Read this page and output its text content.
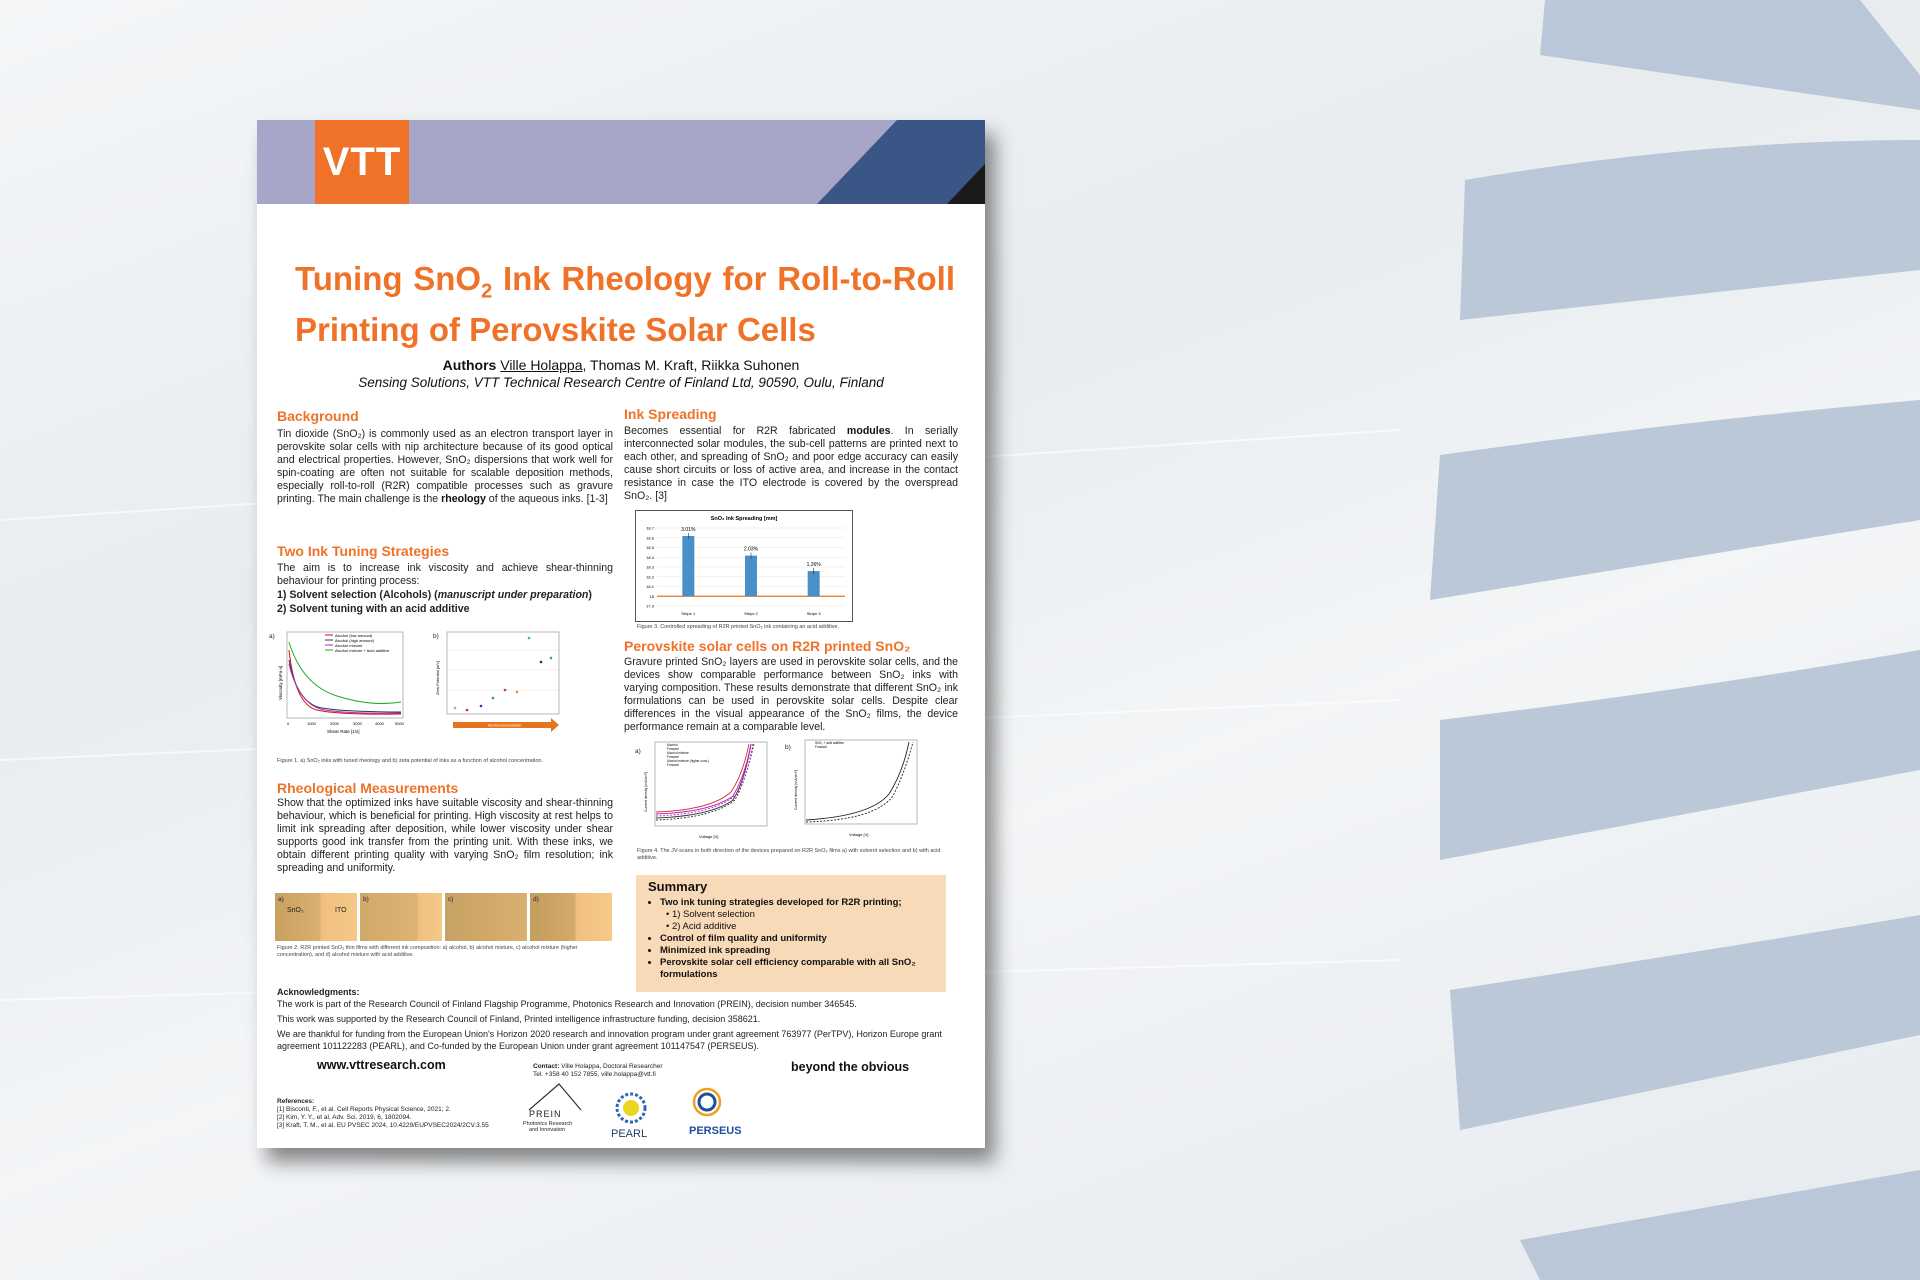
VTT
Tuning SnO$_2$ Ink Rheology for Roll-to-Roll Printing of Perovskite Solar Cells
Authors Ville Holappa, Thomas M. Kraft, Riikka Suhonen
Sensing Solutions, VTT Technical Research Centre of Finland Ltd, 90590, Oulu, Finland
Background
Tin dioxide (SnO₂) is commonly used as an electron transport layer in perovskite solar cells with nip architecture because of its good optical and electrical properties. However, SnO₂ dispersions that work well for spin-coating are often not suitable for scalable deposition methods, especially roll-to-roll (R2R) compatible processes such as gravure printing. The main challenge is the rheology of the aqueous inks. [1-3]
Two Ink Tuning Strategies
The aim is to increase ink viscosity and achieve shear-thinning behaviour for printing process:
1) Solvent selection (Alcohols) (manuscript under preparation)
2) Solvent tuning with an acid additive
a)	Alcohol (low amount)
Alcohol (high amount)
Alcohol mixture
Alcohol mixture + Acid additive
0	1000	2000	3000	4000	5000
Shear Rate [1/s]
Viscosity [mPa·s]
b)
Alcohol concentration
Zeta Potential [mV]
Figure 1. a) SnO₂ inks with tuned rheology and b) zeta potential of inks as a function of alcohol concentration.
Rheological Measurements
Show that the optimized inks have suitable viscosity and shear-thinning behaviour, which is beneficial for printing. High viscosity at rest helps to limit ink spreading after deposition, while lower viscosity under shear supports good ink transfer from the printing unit. With these inks, we obtain different printing quality with varying SnO₂ film resolution; ink spreading and uniformity.
a)
SnO₂	ITO
b)	c)	d)
Figure 2. R2R printed SnO₂ thin films with different ink composition: a) alcohol, b) alcohol mixture, c) alcohol mixture (higher concentration), and d) alcohol mixture with acid additive.
Ink Spreading
Becomes essential for R2R fabricated modules. In serially interconnected solar modules, the sub-cell patterns are printed next to each other, and spreading of SnO₂ and poor edge accuracy can easily cause short circuits or loss of active area, and increase in the contact resistance in case the ITO electrode is covered by the overspread SnO₂. [3]
SnO₂ Ink Spreading [mm]
18.7
18.6
18.5
18.4
18.3
18.2
18.1
18
17.9
3.01%
Stripe 1
2.03%
Stripe 2
1.26%
Stripe 3
Figure 3. Controlled spreading of R2R printed SnO₂ ink containing an acid additive.
Perovskite solar cells on R2R printed SnO₂
Gravure printed SnO₂ layers are used in perovskite solar cells, and the devices show comparable performance between SnO₂ inks with varying composition. These results demonstrate that different SnO₂ ink formulations can be used in perovskite solar cells. Despite clear differences in the visual appearance of the SnO₂ films, the device performance remain at a comparable level.
a)
Alcohol
Forward
Alcohol mixture
Forward
Alcohol mixture (higher conc.)
Forward
Voltage [V]
Current density [mA/cm²]
b)
SnO₂ + acid additive
Forward
Voltage [V]
Current density [mA/cm²]
Figure 4. The JV-scans in both direction of the devices prepared on R2R SnO₂ films a) with solvent selection and b) with acid additive.
Summary
• Two ink tuning strategies developed for R2R printing;
• 1) Solvent selection
• 2) Acid additive
• Control of film quality and uniformity
• Minimized ink spreading
• Perovskite solar cell efficiency comparable with all SnO₂ formulations
Acknowledgments:
The work is part of the Research Council of Finland Flagship Programme, Photonics Research and Innovation (PREIN), decision number 346545.
This work was supported by the Research Council of Finland, Printed intelligence infrastructure funding, decision 358621.
We are thankful for funding from the European Union's Horizon 2020 research and innovation program under grant agreement 763977 (PerTPV), Horizon Europe grant agreement 101122283 (PEARL), and Co-funded by the European Union under grant agreement 101147547 (PERSEUS).
www.vttresearch.com	beyond the obvious
Contact: Ville Holappa, Doctoral Researcher
Tel. +358 40 152 7855, ville.holappa@vtt.fi
References:
[1] Bisconti, F., et al. Cell Reports Physical Science, 2021; 2.
[2] Kim, Y. Y., et al. Adv. Sci. 2019, 6, 1802094.
[3] Kraft, T. M., et al. EU PVSEC 2024, 10.4229/EUPVSEC2024/2CV.3.55
PREIN
Photonics Research
and Innovation	PEARL	PERSEUS
